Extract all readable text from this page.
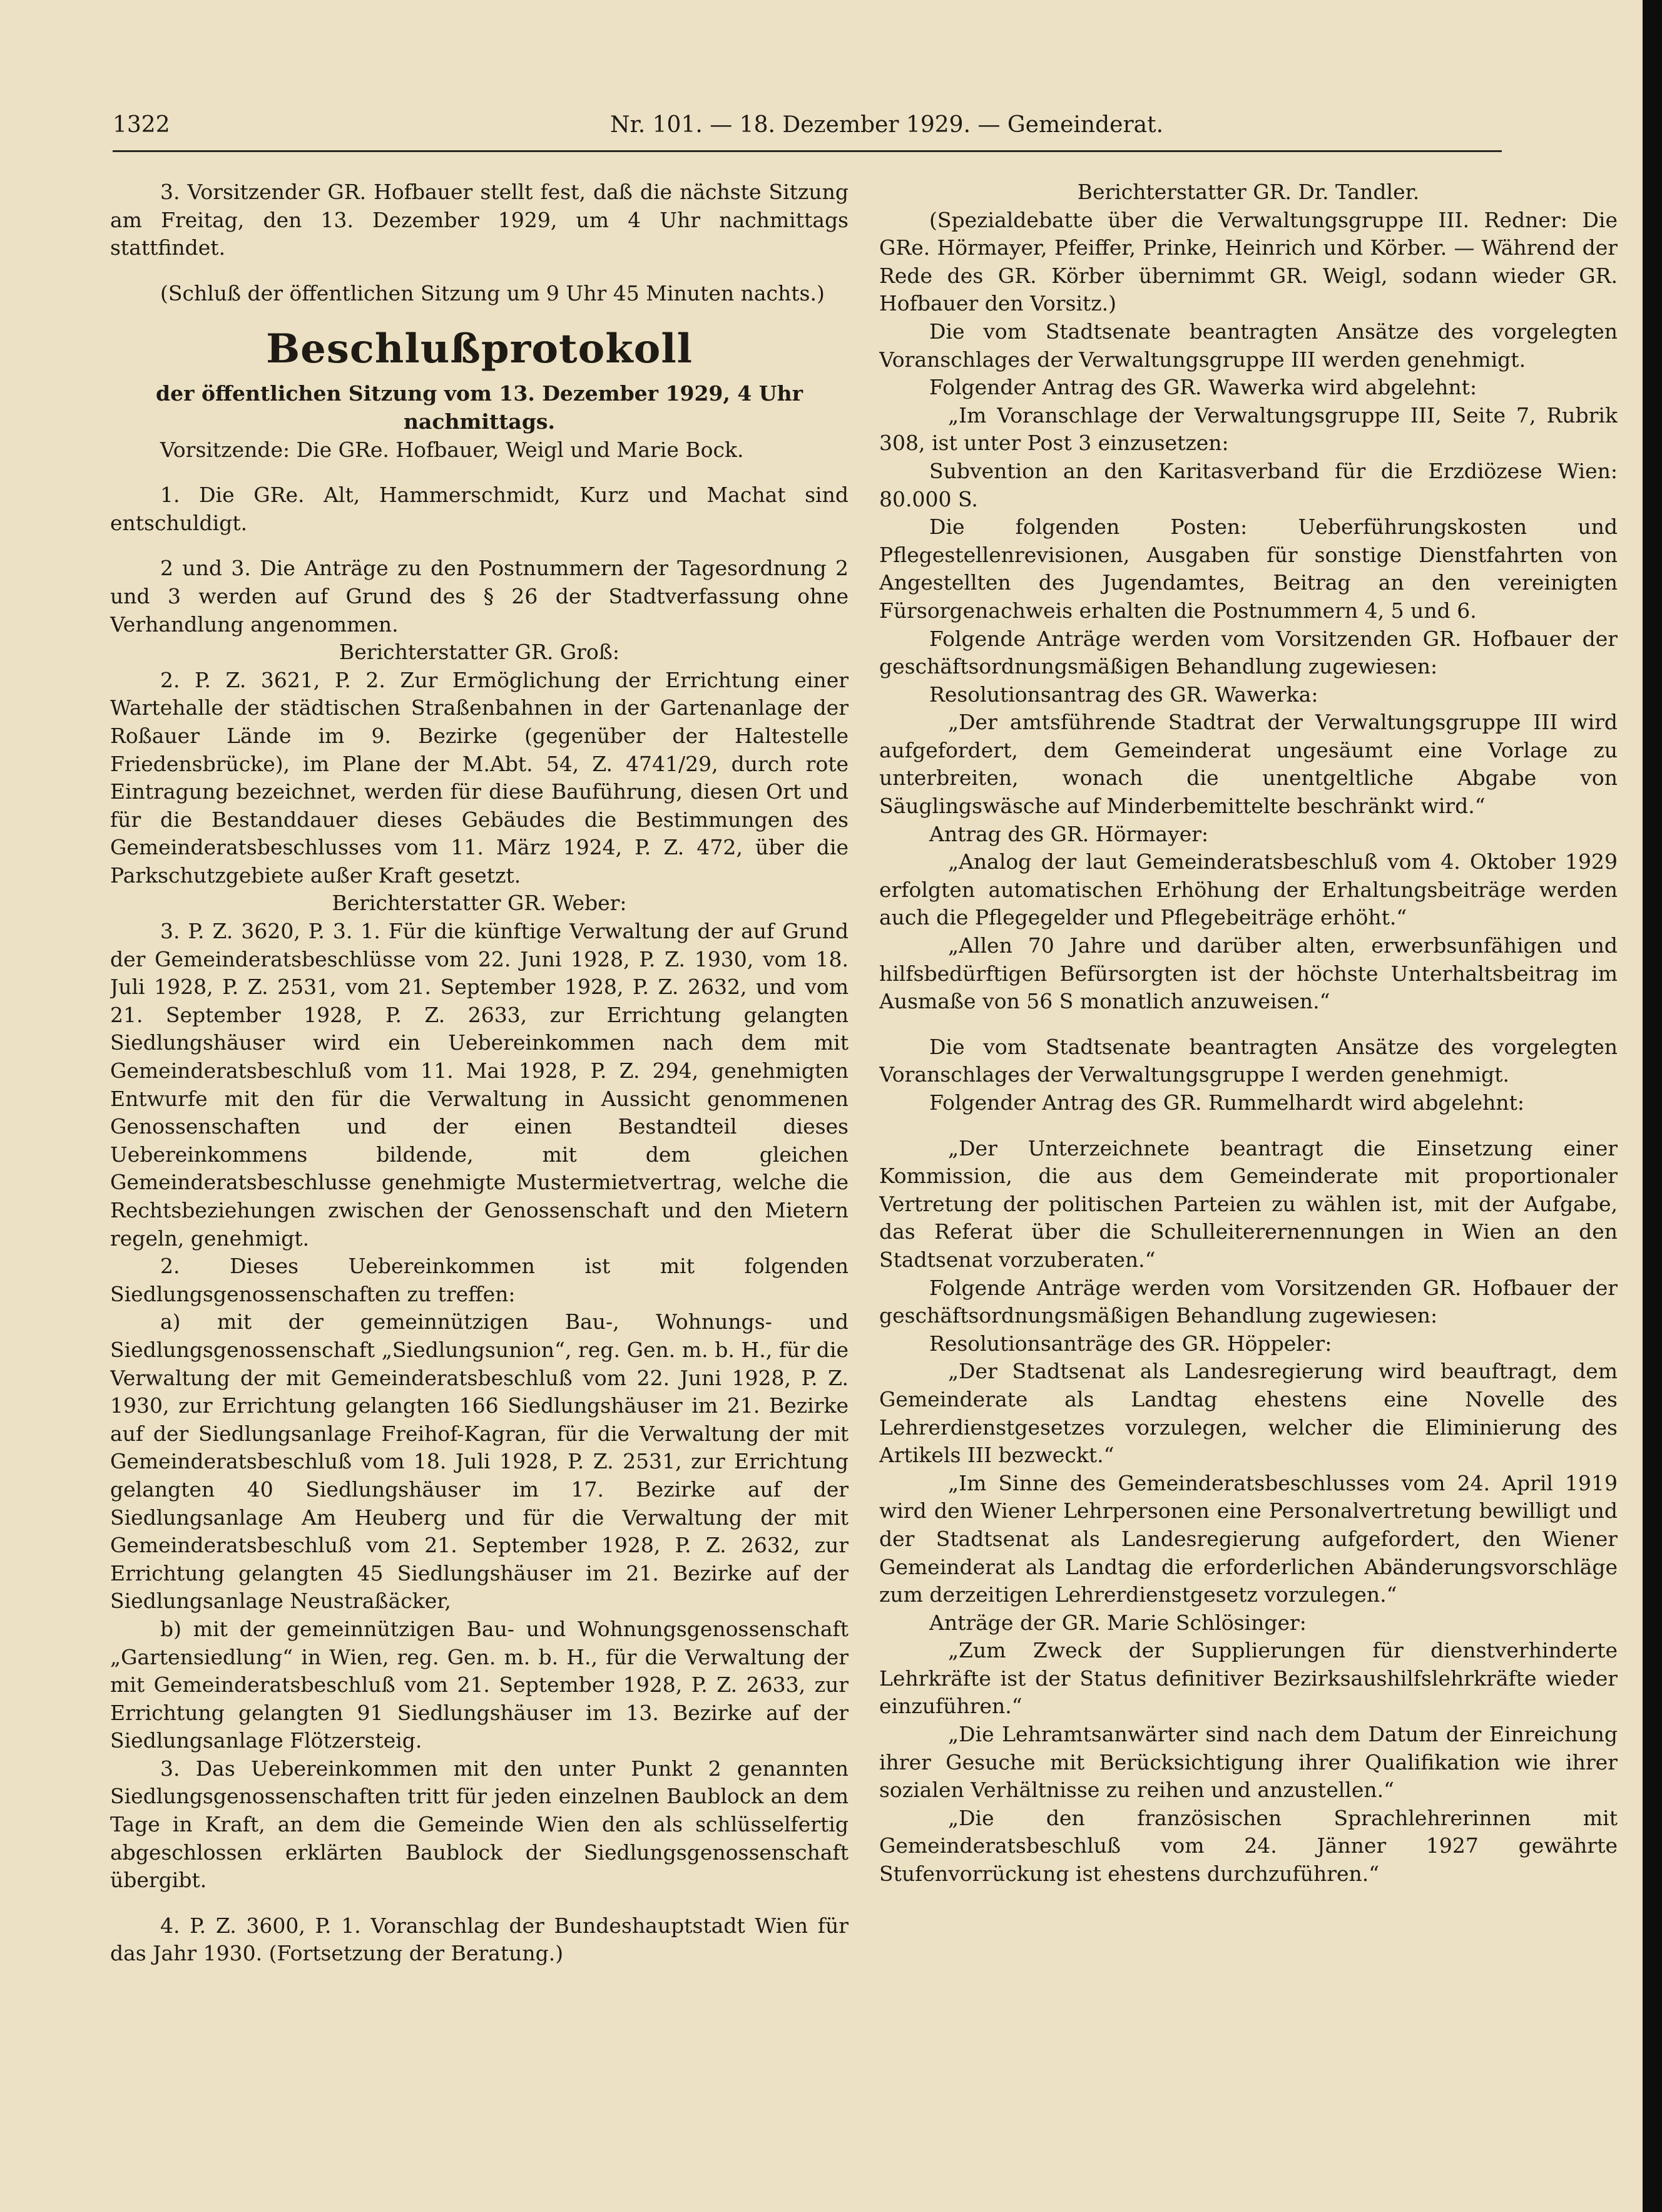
1322	Nr. 101. — 18. Dezember 1929. — Gemeinderat.

3. Vorsitzender GR. Hofbauer stellt fest, daß die nächste Sitzung am Freitag, den 13. Dezember 1929, um 4 Uhr nachmittags stattfindet.

(Schluß der öffentlichen Sitzung um 9 Uhr 45 Minuten nachts.)

Beschlußprotokoll

der öffentlichen Sitzung vom 13. Dezember 1929, 4 Uhr nachmittags.

Vorsitzende: Die GRe. Hofbauer, Weigl und Marie Bock.

1. Die GRe. Alt, Hammerschmidt, Kurz und Machat sind entschuldigt.

2 und 3. Die Anträge zu den Postnummern der Tagesordnung 2 und 3 werden auf Grund des § 26 der Stadtverfassung ohne Verhandlung angenommen.

Berichterstatter GR. Groß:

2. P. Z. 3621, P. 2. Zur Ermöglichung der Errichtung einer Wartehalle der städtischen Straßenbahnen in der Gartenanlage der Roßauer Lände im 9. Bezirke (gegenüber der Haltestelle Friedensbrücke), im Plane der M.Abt. 54, Z. 4741/29, durch rote Eintragung bezeichnet, werden für diese Bauführung, diesen Ort und für die Bestanddauer dieses Gebäudes die Bestimmungen des Gemeinderatsbeschlusses vom 11. März 1924, P. Z. 472, über die Parkschutzgebiete außer Kraft gesetzt.

Berichterstatter GR. Weber:

3. P. Z. 3620, P. 3. 1. Für die künftige Verwaltung der auf Grund der Gemeinderatsbeschlüsse vom 22. Juni 1928, P. Z. 1930, vom 18. Juli 1928, P. Z. 2531, vom 21. September 1928, P. Z. 2632, und vom 21. September 1928, P. Z. 2633, zur Errichtung gelangten Siedlungshäuser wird ein Uebereinkommen nach dem mit Gemeinderatsbeschluß vom 11. Mai 1928, P. Z. 294, genehmigten Entwurfe mit den für die Verwaltung in Aussicht genommenen Genossenschaften und der einen Bestandteil dieses Uebereinkommens bildende, mit dem gleichen Gemeinderatsbeschlusse genehmigte Mustermietvertrag, welche die Rechtsbeziehungen zwischen der Genossenschaft und den Mietern regeln, genehmigt.

2. Dieses Uebereinkommen ist mit folgenden Siedlungsgenossenschaften zu treffen:

a) mit der gemeinnützigen Bau-, Wohnungs- und Siedlungsgenossenschaft „Siedlungsunion“, reg. Gen. m. b. H., für die Verwaltung der mit Gemeinderatsbeschluß vom 22. Juni 1928, P. Z. 1930, zur Errichtung gelangten 166 Siedlungshäuser im 21. Bezirke auf der Siedlungsanlage Freihof-Kagran, für die Verwaltung der mit Gemeinderatsbeschluß vom 18. Juli 1928, P. Z. 2531, zur Errichtung gelangten 40 Siedlungshäuser im 17. Bezirke auf der Siedlungsanlage Am Heuberg und für die Verwaltung der mit Gemeinderatsbeschluß vom 21. September 1928, P. Z. 2632, zur Errichtung gelangten 45 Siedlungshäuser im 21. Bezirke auf der Siedlungsanlage Neustraßäcker,

b) mit der gemeinnützigen Bau- und Wohnungsgenossenschaft „Gartensiedlung“ in Wien, reg. Gen. m. b. H., für die Verwaltung der mit Gemeinderatsbeschluß vom 21. September 1928, P. Z. 2633, zur Errichtung gelangten 91 Siedlungshäuser im 13. Bezirke auf der Siedlungsanlage Flötzersteig.

3. Das Uebereinkommen mit den unter Punkt 2 genannten Siedlungsgenossenschaften tritt für jeden einzelnen Baublock an dem Tage in Kraft, an dem die Gemeinde Wien den als schlüsselfertig abgeschlossen erklärten Baublock der Siedlungsgenossenschaft übergibt.

4. P. Z. 3600, P. 1. Voranschlag der Bundeshauptstadt Wien für das Jahr 1930. (Fortsetzung der Beratung.)

Berichterstatter GR. Dr. Tandler.

(Spezialdebatte über die Verwaltungsgruppe III. Redner: Die GRe. Hörmayer, Pfeiffer, Prinke, Heinrich und Körber. — Während der Rede des GR. Körber übernimmt GR. Weigl, sodann wieder GR. Hofbauer den Vorsitz.)

Die vom Stadtsenate beantragten Ansätze des vorgelegten Voranschlages der Verwaltungsgruppe III werden genehmigt.

Folgender Antrag des GR. Wawerka wird abgelehnt:

„Im Voranschlage der Verwaltungsgruppe III, Seite 7, Rubrik 308, ist unter Post 3 einzusetzen:

Subvention an den Karitasverband für die Erzdiözese Wien: 80.000 S.

Die folgenden Posten: Ueberführungskosten und Pflegestellenrevisionen, Ausgaben für sonstige Dienstfahrten von Angestellten des Jugendamtes, Beitrag an den vereinigten Fürsorgenachweis erhalten die Postnummern 4, 5 und 6.

Folgende Anträge werden vom Vorsitzenden GR. Hofbauer der geschäftsordnungsmäßigen Behandlung zugewiesen:

Resolutionsantrag des GR. Wawerka:

„Der amtsführende Stadtrat der Verwaltungsgruppe III wird aufgefordert, dem Gemeinderat ungesäumt eine Vorlage zu unterbreiten, wonach die unentgeltliche Abgabe von Säuglingswäsche auf Minderbemittelte beschränkt wird.“

Antrag des GR. Hörmayer:

„Analog der laut Gemeinderatsbeschluß vom 4. Oktober 1929 erfolgten automatischen Erhöhung der Erhaltungsbeiträge werden auch die Pflegegelder und Pflegebeiträge erhöht.“

„Allen 70 Jahre und darüber alten, erwerbsunfähigen und hilfsbedürftigen Befürsorgten ist der höchste Unterhaltsbeitrag im Ausmaße von 56 S monatlich anzuweisen.“

Die vom Stadtsenate beantragten Ansätze des vorgelegten Voranschlages der Verwaltungsgruppe I werden genehmigt.

Folgender Antrag des GR. Rummelhardt wird abgelehnt:

„Der Unterzeichnete beantragt die Einsetzung einer Kommission, die aus dem Gemeinderate mit proportionaler Vertretung der politischen Parteien zu wählen ist, mit der Aufgabe, das Referat über die Schulleiterernennungen in Wien an den Stadtsenat vorzuberaten.“

Folgende Anträge werden vom Vorsitzenden GR. Hofbauer der geschäftsordnungsmäßigen Behandlung zugewiesen:

Resolutionsanträge des GR. Höppeler:

„Der Stadtsenat als Landesregierung wird beauftragt, dem Gemeinderate als Landtag ehestens eine Novelle des Lehrerdienstgesetzes vorzulegen, welcher die Eliminierung des Artikels III bezweckt.“

„Im Sinne des Gemeinderatsbeschlusses vom 24. April 1919 wird den Wiener Lehrpersonen eine Personalvertretung bewilligt und der Stadtsenat als Landesregierung aufgefordert, den Wiener Gemeinderat als Landtag die erforderlichen Abänderungsvorschläge zum derzeitigen Lehrerdienstgesetz vorzulegen.“

Anträge der GR. Marie Schlösinger:

„Zum Zweck der Supplierungen für dienstverhinderte Lehrkräfte ist der Status definitiver Bezirksaushilfslehrkräfte wieder einzuführen.“

„Die Lehramtsanwärter sind nach dem Datum der Einreichung ihrer Gesuche mit Berücksichtigung ihrer Qualifikation wie ihrer sozialen Verhältnisse zu reihen und anzustellen.“

„Die den französischen Sprachlehrerinnen mit Gemeinderatsbeschluß vom 24. Jänner 1927 gewährte Stufenvorrückung ist ehestens durchzuführen.“
